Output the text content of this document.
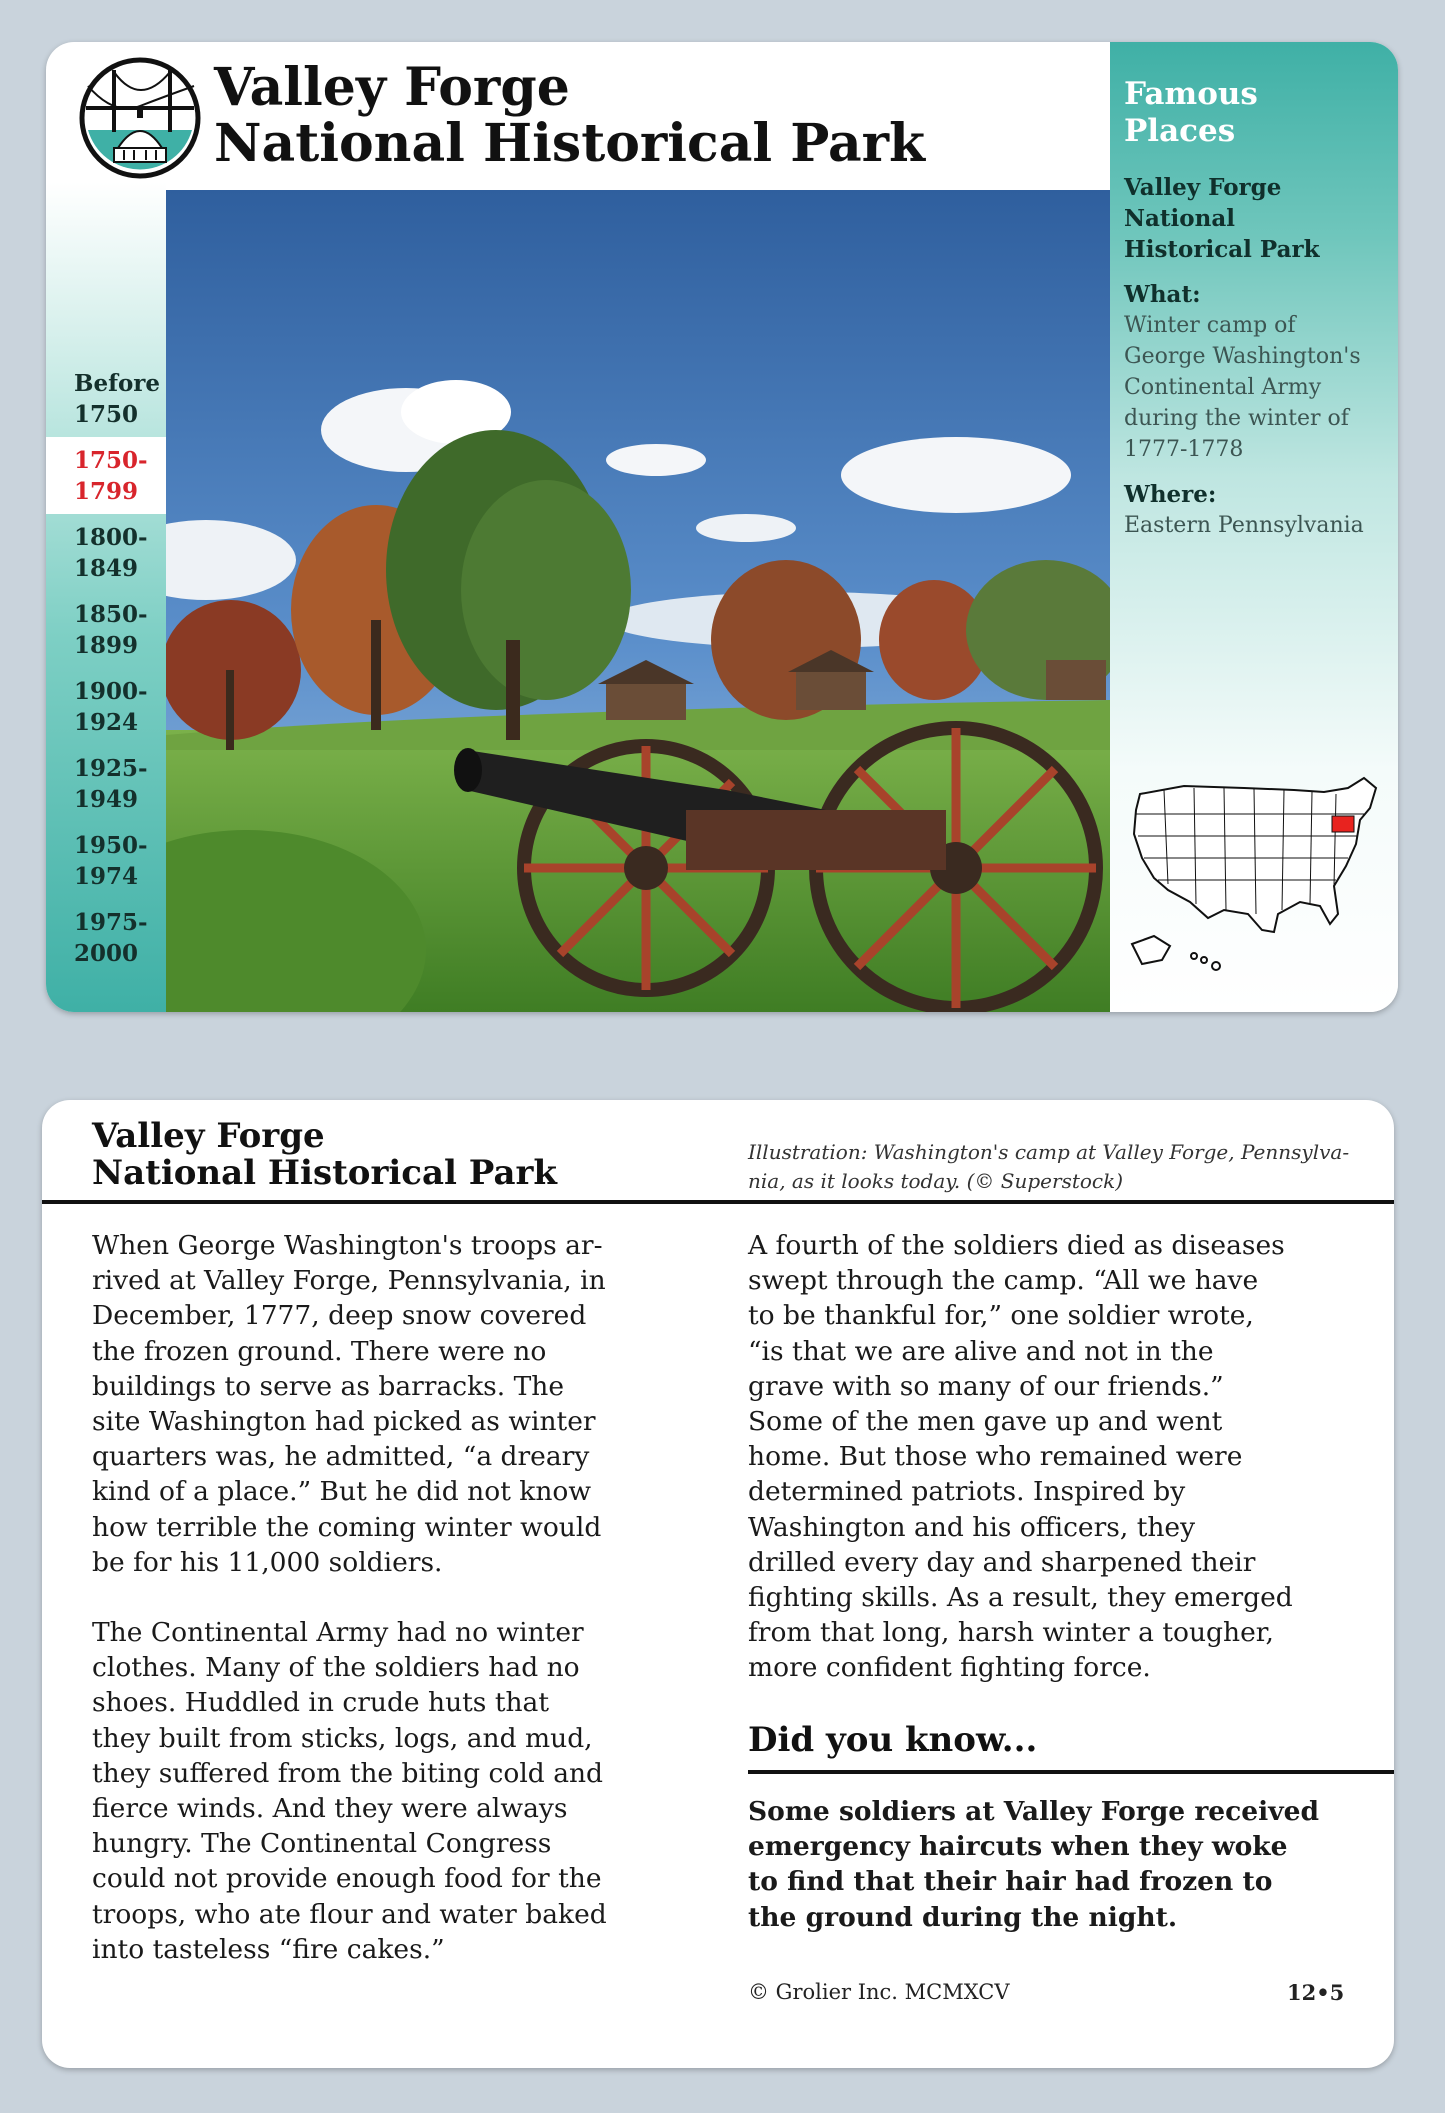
Valley Forge
National Historical Park
Before
1750
1750-
1799
1800-
1849
1850-
1899
1900-
1924
1925-
1949
1950-
1974
1975-
2000
Famous
Places
Valley Forge
National
Historical Park
What:
Winter camp of
George Washington's
Continental Army
during the winter of
1777-1778
Where:
Eastern Pennsylvania
Valley Forge
National Historical Park
Illustration: Washington's camp at Valley Forge, Pennsylva-
nia, as it looks today. (© Superstock)
When George Washington's troops ar-
rived at Valley Forge, Pennsylvania, in
December, 1777, deep snow covered
the frozen ground. There were no
buildings to serve as barracks. The
site Washington had picked as winter
quarters was, he admitted, “a dreary
kind of a place.” But he did not know
how terrible the coming winter would
be for his 11,000 soldiers.
The Continental Army had no winter
clothes. Many of the soldiers had no
shoes. Huddled in crude huts that
they built from sticks, logs, and mud,
they suffered from the biting cold and
fierce winds. And they were always
hungry. The Continental Congress
could not provide enough food for the
troops, who ate flour and water baked
into tasteless “fire cakes.”
A fourth of the soldiers died as diseases
swept through the camp. “All we have
to be thankful for,” one soldier wrote,
“is that we are alive and not in the
grave with so many of our friends.”
Some of the men gave up and went
home. But those who remained were
determined patriots. Inspired by
Washington and his officers, they
drilled every day and sharpened their
fighting skills. As a result, they emerged
from that long, harsh winter a tougher,
more confident fighting force.
Did you know...
Some soldiers at Valley Forge received
emergency haircuts when they woke
to find that their hair had frozen to
the ground during the night.
© Grolier Inc. MCMXCV	12•5
